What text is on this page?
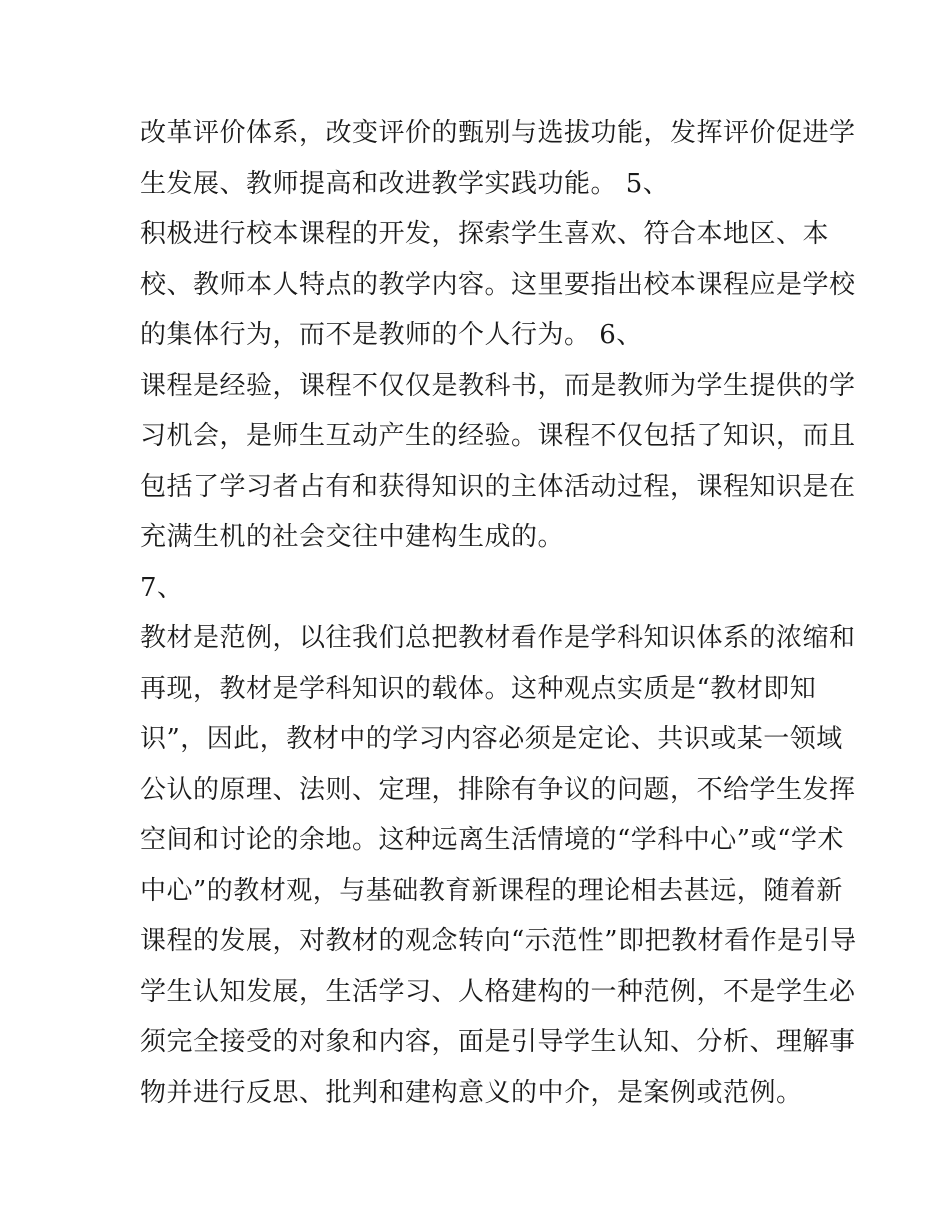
改革评价体系，改变评价的甄别与选拔功能，发挥评价促进学
生发展、教师提高和改进教学实践功能。 5、
积极进行校本课程的开发，探索学生喜欢、符合本地区、本
校、教师本人特点的教学内容。这里要指出校本课程应是学校
的集体行为，而不是教师的个人行为。 6、
课程是经验，课程不仅仅是教科书，而是教师为学生提供的学
习机会，是师生互动产生的经验。课程不仅包括了知识，而且
包括了学习者占有和获得知识的主体活动过程，课程知识是在
充满生机的社会交往中建构生成的。
7、
教材是范例，以往我们总把教材看作是学科知识体系的浓缩和
再现，教材是学科知识的载体。这种观点实质是“教材即知
识”，因此，教材中的学习内容必须是定论、共识或某一领域
公认的原理、法则、定理，排除有争议的问题，不给学生发挥
空间和讨论的余地。这种远离生活情境的“学科中心”或“学术
中心”的教材观，与基础教育新课程的理论相去甚远，随着新
课程的发展，对教材的观念转向“示范性”即把教材看作是引导
学生认知发展，生活学习、人格建构的一种范例，不是学生必
须完全接受的对象和内容，面是引导学生认知、分析、理解事
物并进行反思、批判和建构意义的中介，是案例或范例。
